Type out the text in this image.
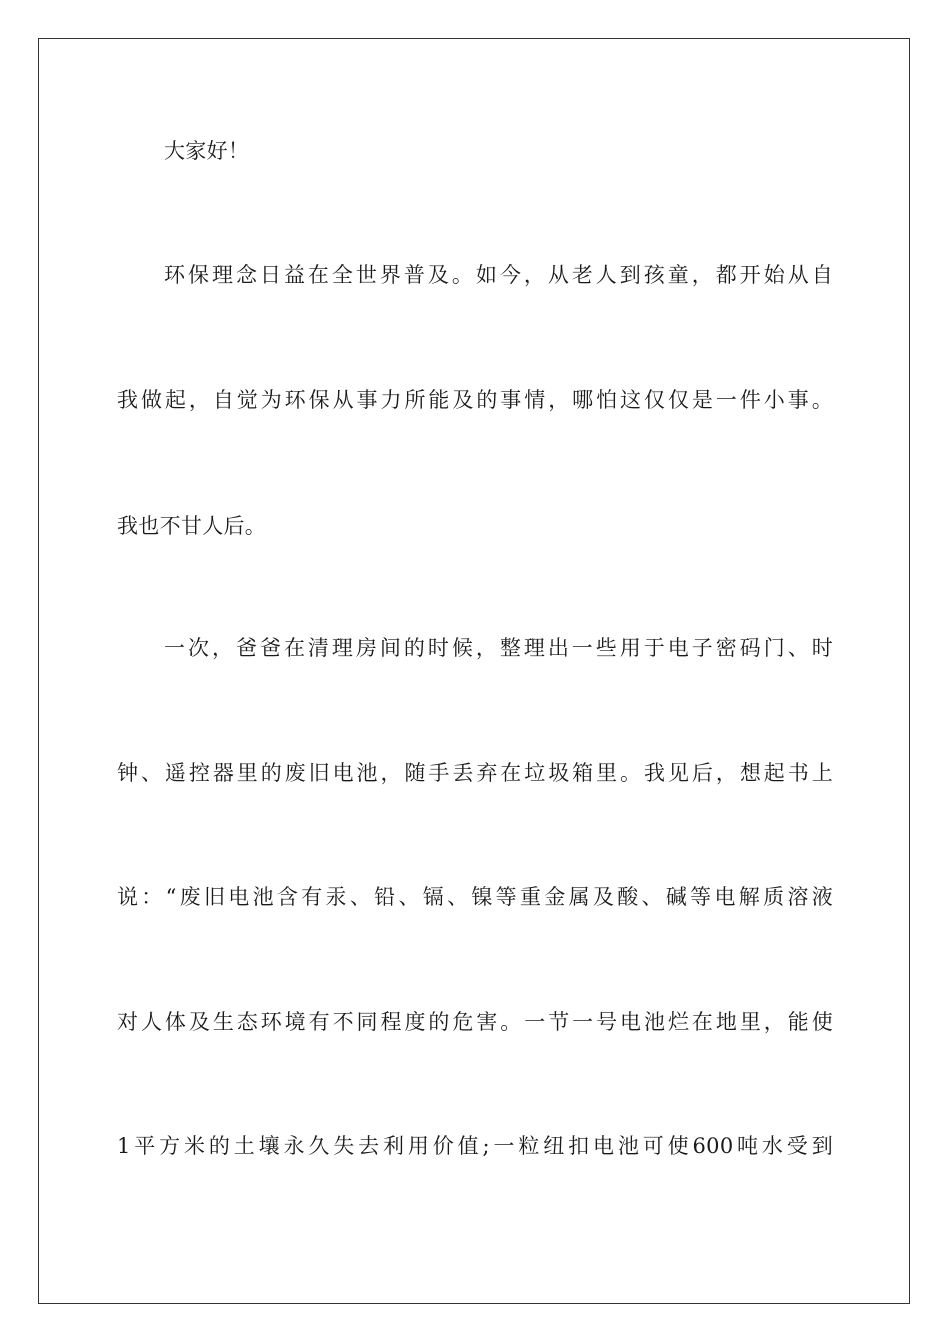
大家好！
环保理念日益在全世界普及。如今，从老人到孩童，都开始从自
我做起，自觉为环保从事力所能及的事情，哪怕这仅仅是一件小事。
我也不甘人后。
一次，爸爸在清理房间的时候，整理出一些用于电子密码门、时
钟、遥控器里的废旧电池，随手丢弃在垃圾箱里。我见后，想起书上
说：“废旧电池含有汞、铅、镉、镍等重金属及酸、碱等电解质溶液
对人体及生态环境有不同程度的危害。一节一号电池烂在地里，能使
1平方米的土壤永久失去利用价值;一粒纽扣电池可使600吨水受到
